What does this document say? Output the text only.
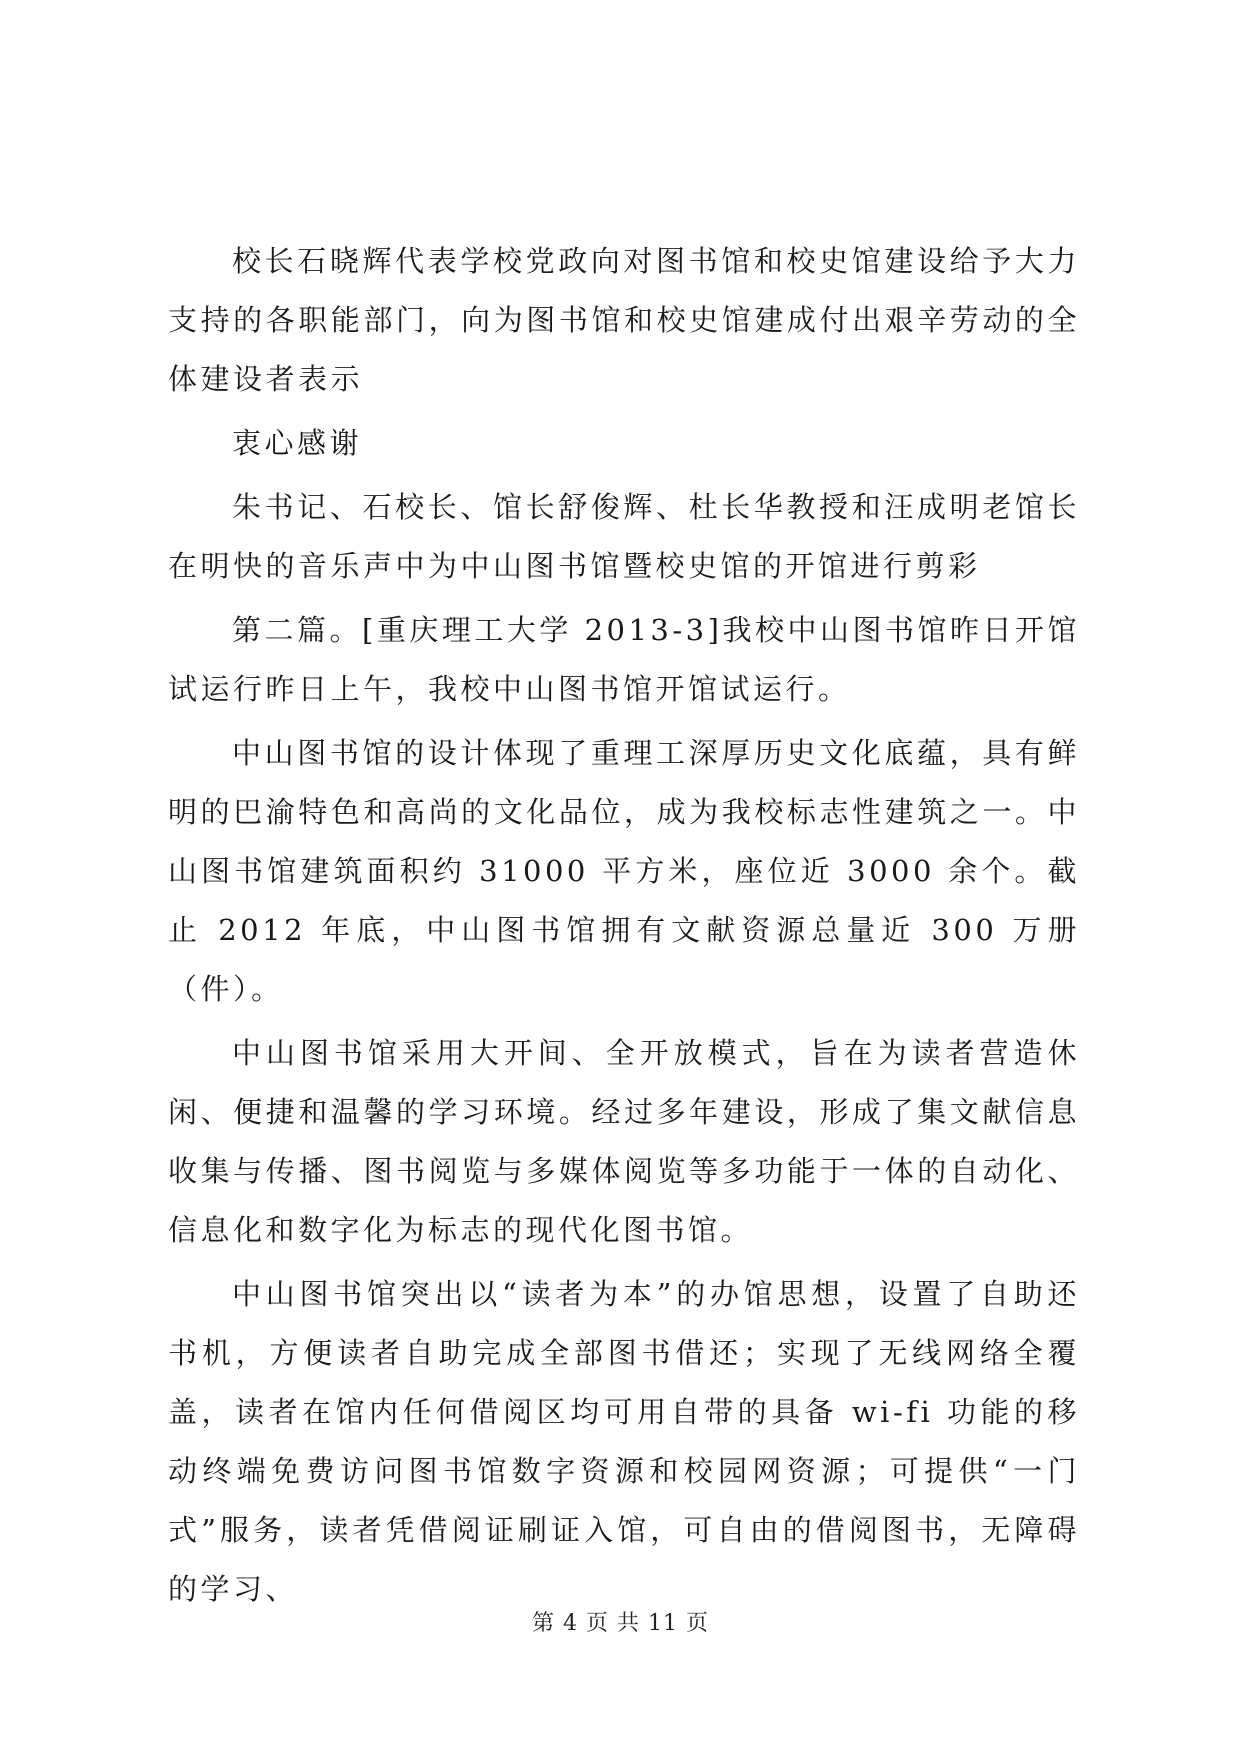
校长石晓辉代表学校党政向对图书馆和校史馆建设给予大力支持的各职能部门，向为图书馆和校史馆建成付出艰辛劳动的全体建设者表示

衷心感谢

朱书记、石校长、馆长舒俊辉、杜长华教授和汪成明老馆长在明快的音乐声中为中山图书馆暨校史馆的开馆进行剪彩

第二篇。[重庆理工大学 2013-3]我校中山图书馆昨日开馆试运行昨日上午，我校中山图书馆开馆试运行。

中山图书馆的设计体现了重理工深厚历史文化底蕴，具有鲜明的巴渝特色和高尚的文化品位，成为我校标志性建筑之一。中山图书馆建筑面积约 31000 平方米，座位近 3000 余个。截止 2012 年底，中山图书馆拥有文献资源总量近 300 万册（件）。

中山图书馆采用大开间、全开放模式，旨在为读者营造休闲、便捷和温馨的学习环境。经过多年建设，形成了集文献信息收集与传播、图书阅览与多媒体阅览等多功能于一体的自动化、信息化和数字化为标志的现代化图书馆。

中山图书馆突出以“读者为本”的办馆思想，设置了自助还书机，方便读者自助完成全部图书借还；实现了无线网络全覆盖，读者在馆内任何借阅区均可用自带的具备 wi-fi 功能的移动终端免费访问图书馆数字资源和校园网资源；可提供“一门式”服务，读者凭借阅证刷证入馆，可自由的借阅图书，无障碍的学习、

第 4 页 共 11 页
